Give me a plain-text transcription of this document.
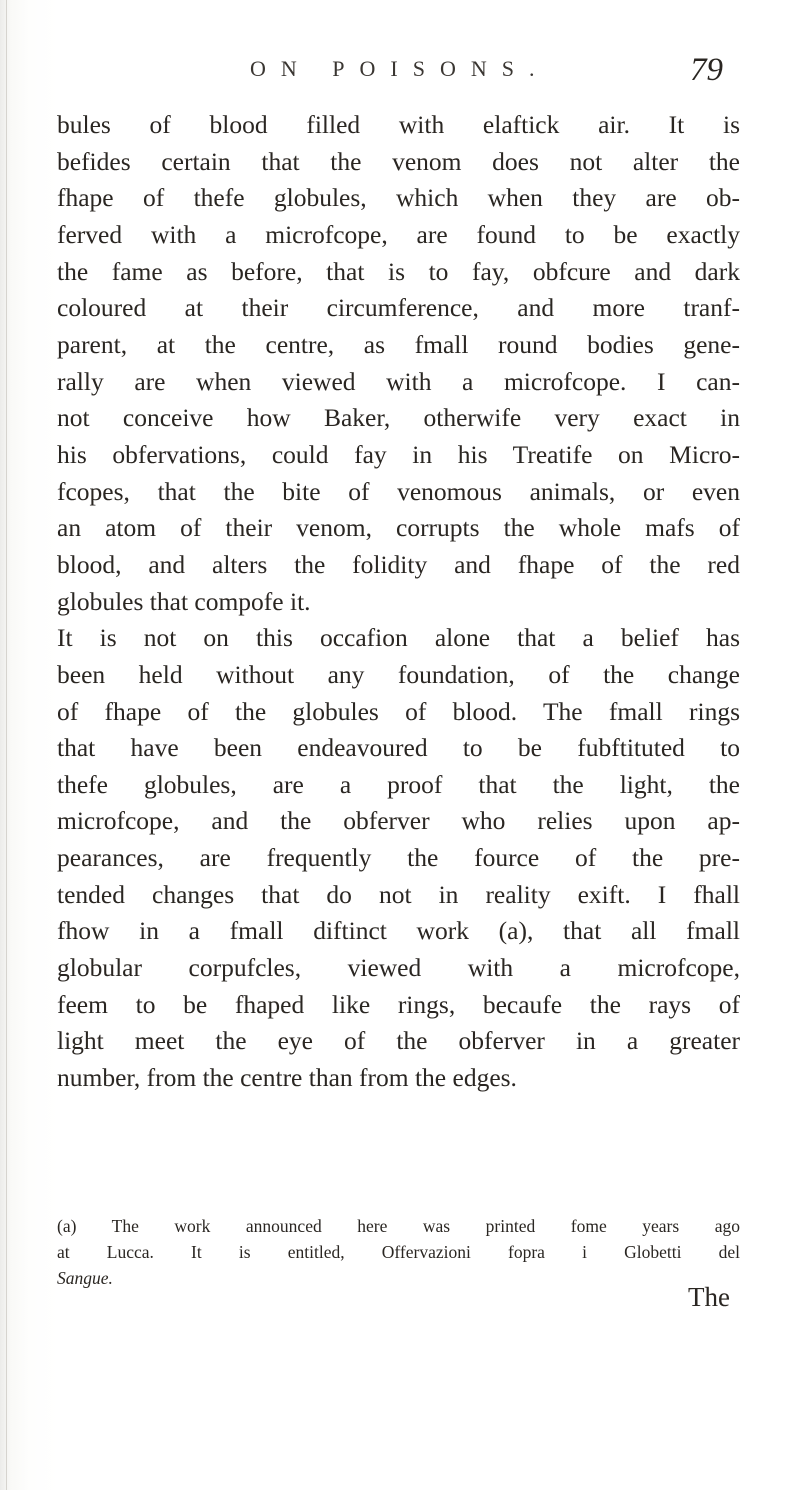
ON POISONS.	79
bules of blood filled with elaftick air. It is
befides certain that the venom does not alter the
fhape of thefe globules, which when they are ob-
ferved with a microfcope, are found to be exactly
the fame as before, that is to fay, obfcure and dark
coloured at their circumference, and more tranf-
parent, at the centre, as fmall round bodies gene-
rally are when viewed with a microfcope. I can-
not conceive how Baker, otherwife very exact in
his obfervations, could fay in his Treatife on Micro-
fcopes, that the bite of venomous animals, or even
an atom of their venom, corrupts the whole mafs of
blood, and alters the folidity and fhape of the red
globules that compofe it.
It is not on this occafion alone that a belief has
been held without any foundation, of the change
of fhape of the globules of blood. The fmall rings
that have been endeavoured to be fubftituted to
thefe globules, are a proof that the light, the
microfcope, and the obferver who relies upon ap-
pearances, are frequently the fource of the pre-
tended changes that do not in reality exift. I fhall
fhow in a fmall diftinct work (a), that all fmall
globular corpufcles, viewed with a microfcope,
feem to be fhaped like rings, becaufe the rays of
light meet the eye of the obferver in a greater
number, from the centre than from the edges.
(a) The work announced here was printed fome years ago
at Lucca. It is entitled, Offervazioni fopra i Globetti del
Sangue.
The
